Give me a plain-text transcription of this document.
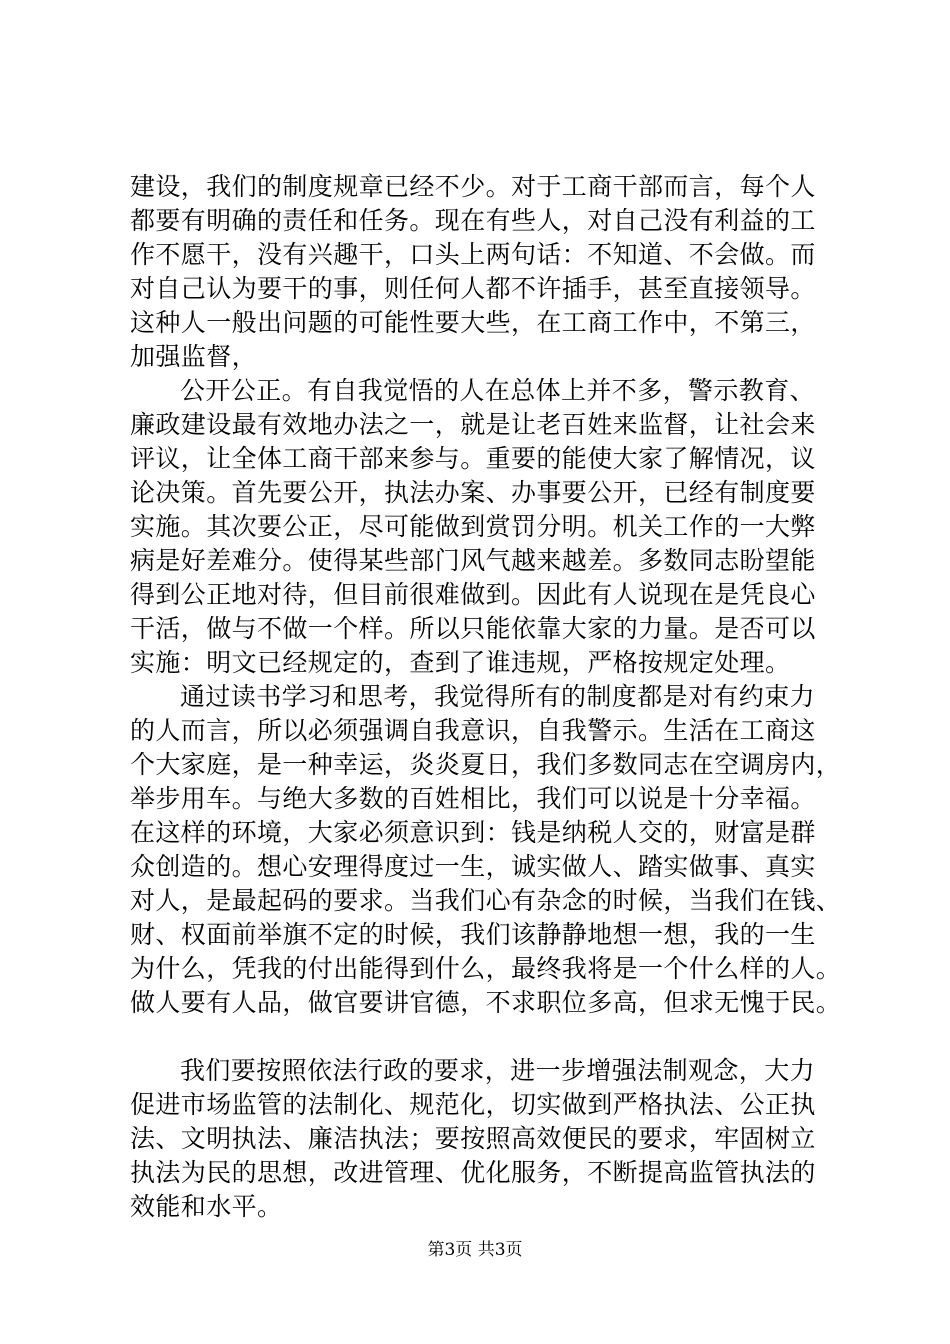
建设，我们的制度规章已经不少。对于工商干部而言，每个人
都要有明确的责任和任务。现在有些人，对自己没有利益的工
作不愿干，没有兴趣干，口头上两句话：不知道、不会做。而
对自己认为要干的事，则任何人都不许插手，甚至直接领导。
这种人一般出问题的可能性要大些，在工商工作中，不第三，
加强监督，
公开公正。有自我觉悟的人在总体上并不多，警示教育、
廉政建设最有效地办法之一，就是让老百姓来监督，让社会来
评议，让全体工商干部来参与。重要的能使大家了解情况，议
论决策。首先要公开，执法办案、办事要公开，已经有制度要
实施。其次要公正，尽可能做到赏罚分明。机关工作的一大弊
病是好差难分。使得某些部门风气越来越差。多数同志盼望能
得到公正地对待，但目前很难做到。因此有人说现在是凭良心
干活，做与不做一个样。所以只能依靠大家的力量。是否可以
实施：明文已经规定的，查到了谁违规，严格按规定处理。
通过读书学习和思考，我觉得所有的制度都是对有约束力
的人而言，所以必须强调自我意识，自我警示。生活在工商这
个大家庭，是一种幸运，炎炎夏日，我们多数同志在空调房内，
举步用车。与绝大多数的百姓相比，我们可以说是十分幸福。
在这样的环境，大家必须意识到：钱是纳税人交的，财富是群
众创造的。想心安理得度过一生，诚实做人、踏实做事、真实
对人，是最起码的要求。当我们心有杂念的时候，当我们在钱、
财、权面前举旗不定的时候，我们该静静地想一想，我的一生
为什么，凭我的付出能得到什么，最终我将是一个什么样的人。
做人要有人品，做官要讲官德，不求职位多高，但求无愧于民。
我们要按照依法行政的要求，进一步增强法制观念，大力
促进市场监管的法制化、规范化，切实做到严格执法、公正执
法、文明执法、廉洁执法；要按照高效便民的要求，牢固树立
执法为民的思想，改进管理、优化服务，不断提高监管执法的
效能和水平。
第3页 共3页
